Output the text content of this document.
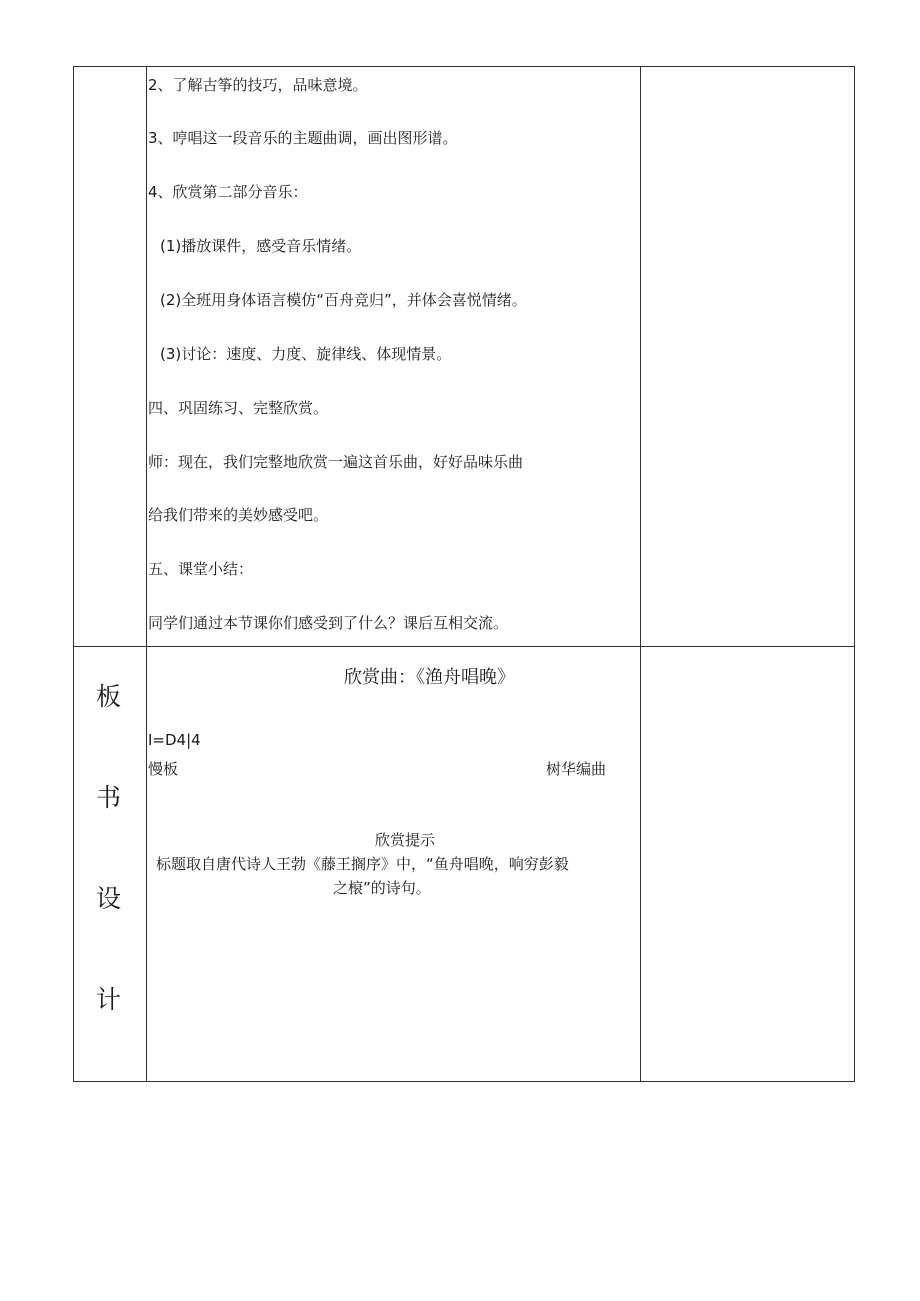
2、了解古筝的技巧，品味意境。
3、哼唱这一段音乐的主题曲调，画出图形谱。
4、欣赏第二部分音乐：
(1)播放课件，感受音乐情绪。
(2)全班用身体语言模仿“百舟竞归”，并体会喜悦情绪。
(3)讨论：速度、力度、旋律线、体现情景。
四、巩固练习、完整欣赏。
师：现在，我们完整地欣赏一遍这首乐曲，好好品味乐曲
给我们带来的美妙感受吧。
五、课堂小结：
同学们通过本节课你们感受到了什么？课后互相交流。
板
书
设
计
欣赏曲：《渔舟唱晚》
I=D4|4
慢板	树华编曲
欣赏提示
标题取自唐代诗人王勃《藤王搁序》中，“鱼舟唱晚，响穷彭毅
之榱”的诗句。
